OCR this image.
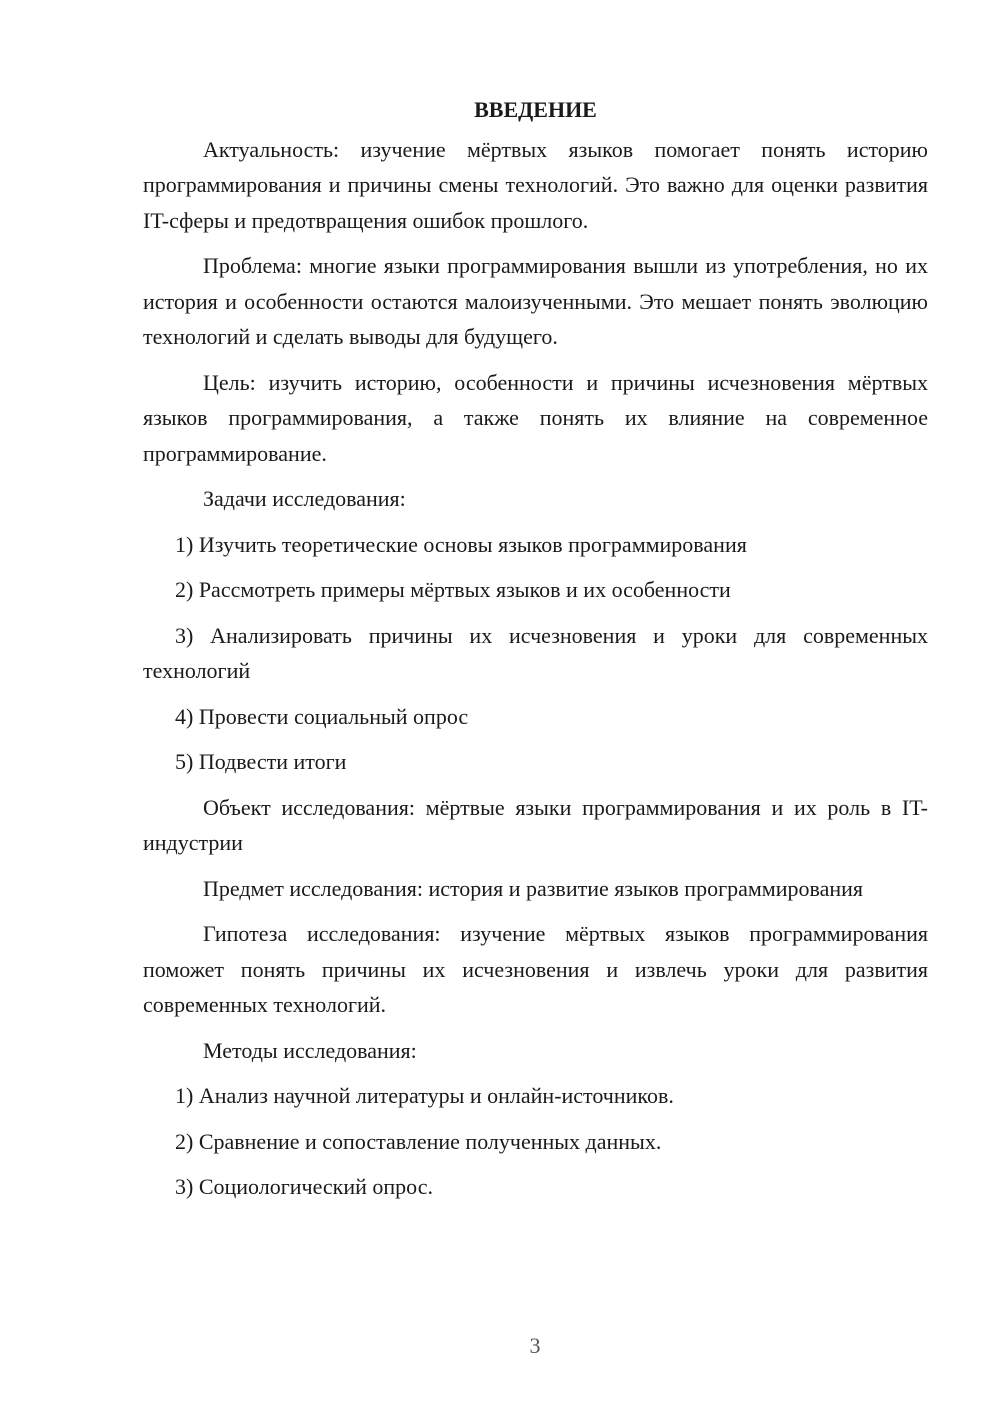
ВВЕДЕНИЕ

Актуальность: изучение мёртвых языков помогает понять историю программирования и причины смены технологий. Это важно для оценки развития IT-сферы и предотвращения ошибок прошлого.

Проблема: многие языки программирования вышли из употребления, но их история и особенности остаются малоизученными. Это мешает понять эволюцию технологий и сделать выводы для будущего.

Цель: изучить историю, особенности и причины исчезновения мёртвых языков программирования, а также понять их влияние на современное программирование.

Задачи исследования:

1) Изучить теоретические основы языков программирования

2) Рассмотреть примеры мёртвых языков и их особенности

3) Анализировать причины их исчезновения и уроки для современных технологий

4) Провести социальный опрос

5) Подвести итоги

Объект исследования: мёртвые языки программирования и их роль в IT-индустрии

Предмет исследования: история и развитие языков программирования

Гипотеза исследования: изучение мёртвых языков программирования поможет понять причины их исчезновения и извлечь уроки для развития современных технологий.

Методы исследования:

1) Анализ научной литературы и онлайн-источников.

2) Сравнение и сопоставление полученных данных.

3) Социологический опрос.

3
